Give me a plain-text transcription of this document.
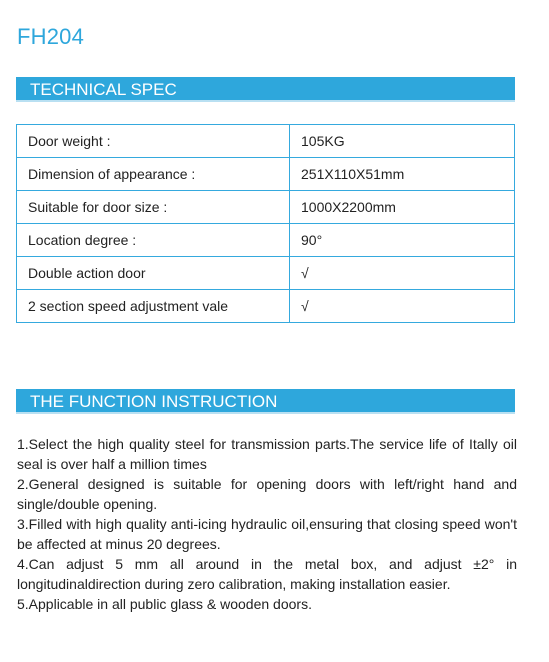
FH204
TECHNICAL SPEC
Door weight :	105KG
Dimension of appearance :	251X110X51mm
Suitable for door size :	1000X2200mm
Location degree :	90°
Double action door	√
2 section speed adjustment vale	√
THE FUNCTION INSTRUCTION
1.Select the high quality steel for transmission parts.The service life of Itally oil seal is over half a million times
2.General designed is suitable for opening doors with left/right hand and single/double opening.
3.Filled with high quality anti-icing hydraulic oil,ensuring that closing speed won't be affected at minus 20 degrees.
4.Can adjust 5 mm all around in the metal box, and adjust ±2° in longitudinaldirection during zero calibration, making installation easier.
5.Applicable in all public glass & wooden doors.
